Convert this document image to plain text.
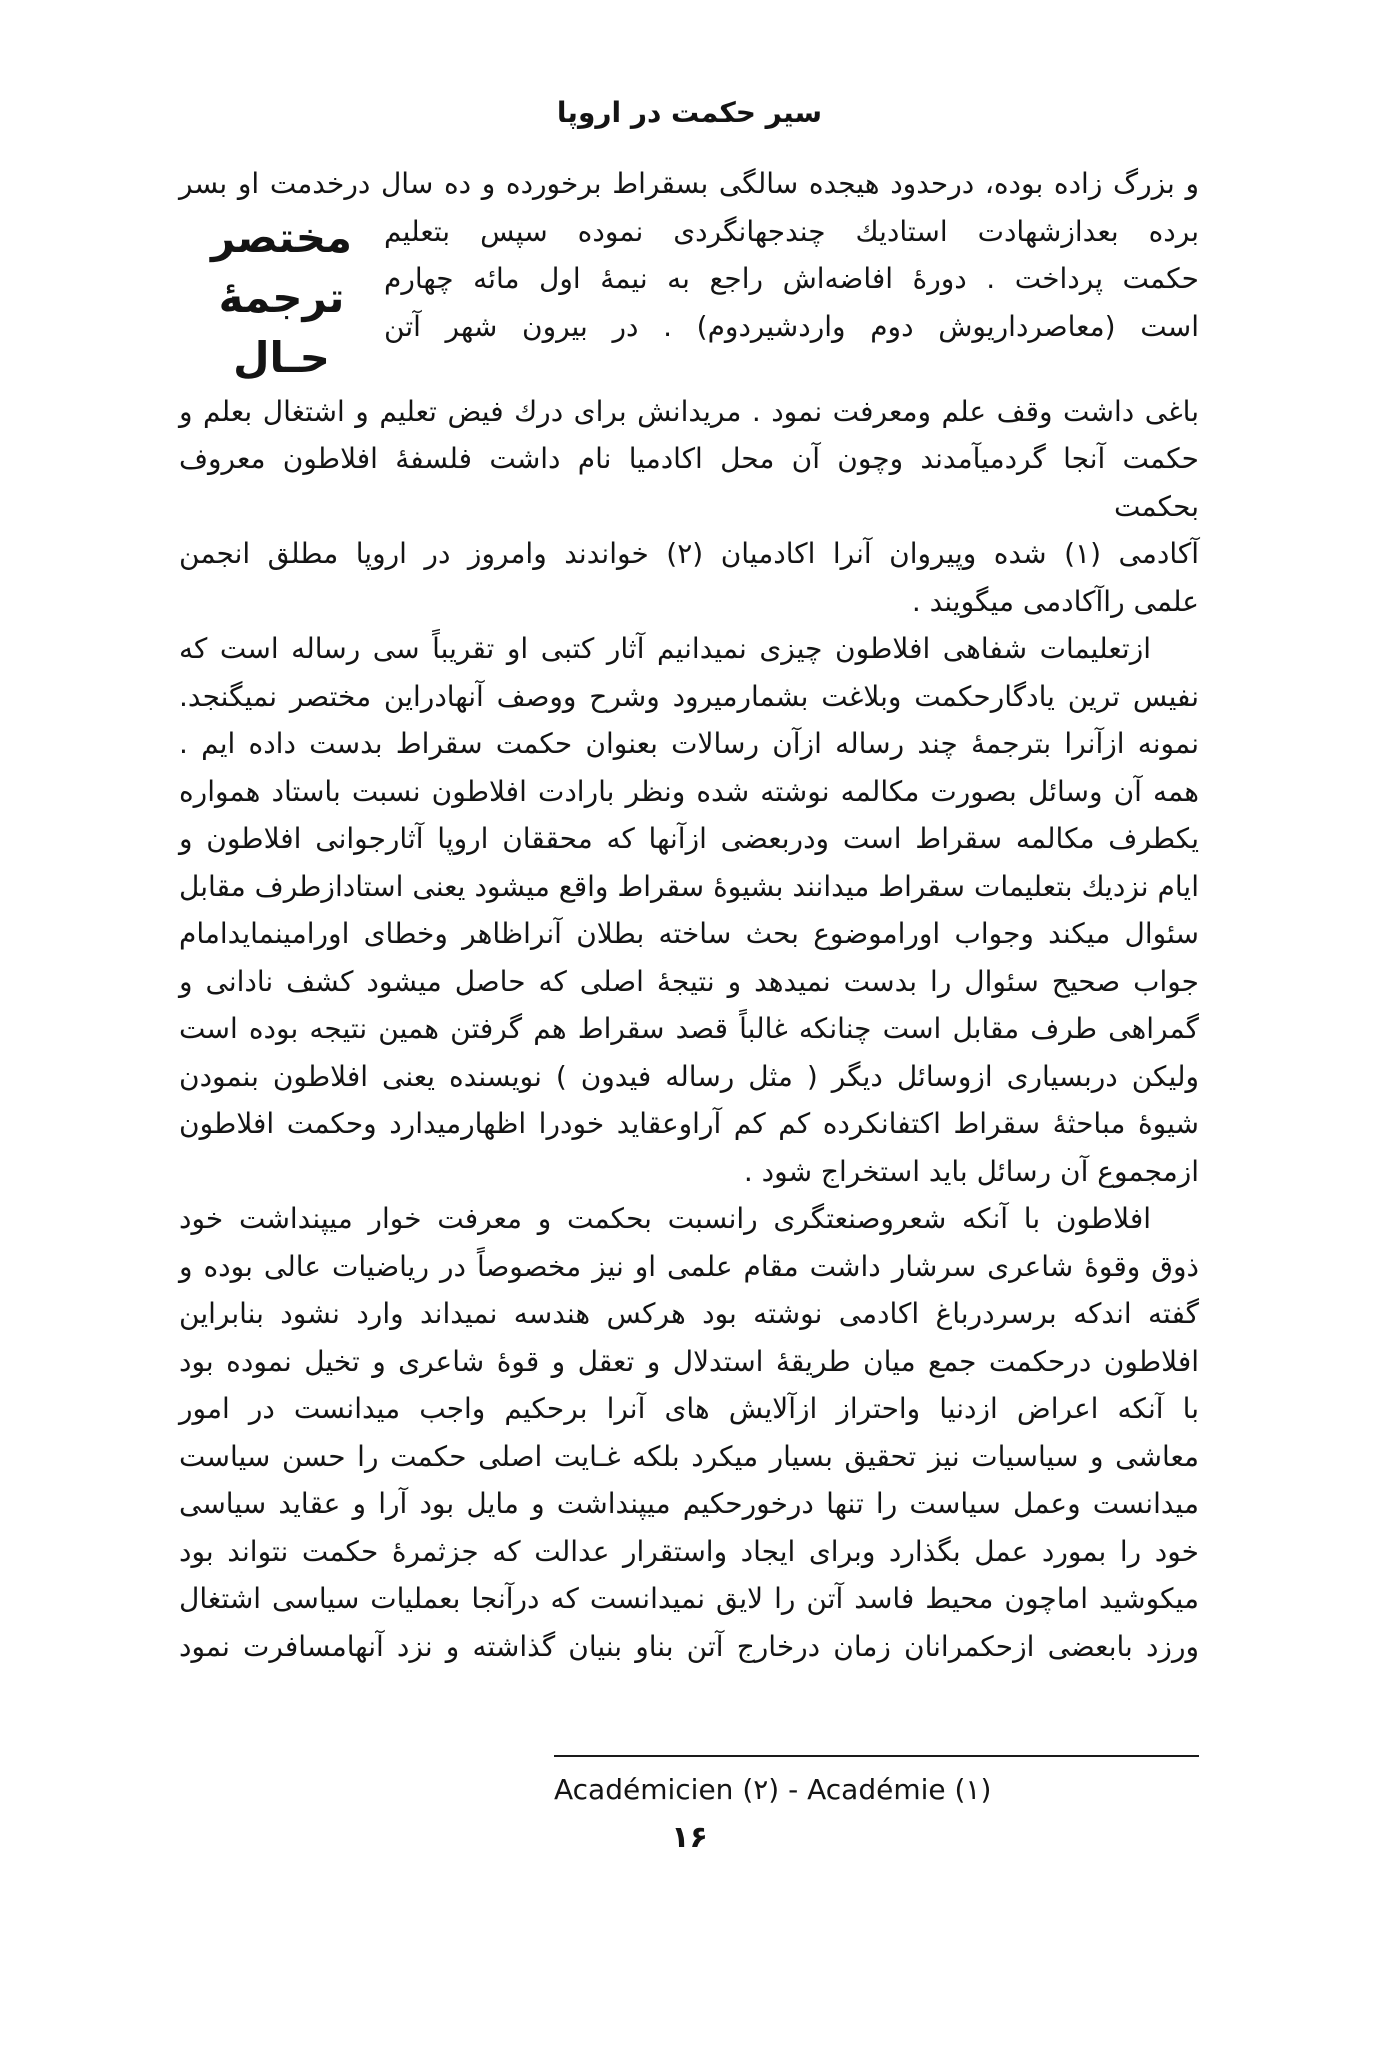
سیر حکمت در اروپا
و بزرگ زاده بوده، درحدود هیجده سالگی بسقراط برخورده و ده سال درخدمت او بسر
برده بعدازشهادت استادیك چندجهانگردی نموده سپس بتعلیم
حکمت پرداخت . دورهٔ افاضه‌اش راجع به نیمهٔ اول مائه چهارم
است (معاصرداریوش دوم واردشیردوم) . در بیرون شهر آتن
مختصر ترجمهٔ
حـال

باغی داشت وقف علم ومعرفت نمود . مریدانش برای درك فیض تعلیم و اشتغال بعلم و
حکمت آنجا گردمیآمدند وچون آن محل اکادمیا نام داشت فلسفهٔ افلاطون معروف بحکمت
آکادمی (۱) شده وپیروان آنرا اکادمیان (۲) خواندند وامروز در اروپا مطلق انجمن
علمی راآکادمی میگویند .

ازتعلیمات شفاهی افلاطون چیزی نمیدانیم آثار کتبی او تقریباً سی رساله است که
نفیس ترین یادگارحکمت وبلاغت بشمارمیرود وشرح ووصف آنهادراین مختصر نمیگنجد.
نمونه ازآنرا بترجمهٔ چند رساله ازآن رسالات بعنوان حکمت سقراط بدست داده ایم .
همه آن وسائل بصورت مکالمه نوشته شده ونظر بارادت افلاطون نسبت باستاد همواره
یکطرف مکالمه سقراط است ودربعضی ازآنها که محققان اروپا آثارجوانی افلاطون و
ایام نزدیك بتعلیمات سقراط میدانند بشیوهٔ سقراط واقع میشود یعنی استادازطرف مقابل
سئوال میکند وجواب اوراموضوع بحث ساخته بطلان آنراظاهر وخطای اورامینمایدامام
جواب صحیح سئوال را بدست نمیدهد و نتیجهٔ اصلی که حاصل میشود کشف نادانی و
گمراهی طرف مقابل است چنانکه غالباً قصد سقراط هم گرفتن همین نتیجه بوده است
ولیکن دربسیاری ازوسائل دیگر ( مثل رساله فیدون ) نویسنده یعنی افلاطون بنمودن
شیوهٔ مباحثهٔ سقراط اکتفانکرده کم کم آراوعقاید خودرا اظهارمیدارد وحکمت افلاطون
ازمجموع آن رسائل باید استخراج شود .

افلاطون با آنکه شعروصنعتگری رانسبت بحکمت و معرفت خوار میپنداشت خود
ذوق وقوهٔ شاعری سرشار داشت مقام علمی او نیز مخصوصاً در ریاضیات عالی بوده و
گفته اندکه برسردرباغ اکادمی نوشته بود هرکس هندسه نمیداند وارد نشود بنابراین
افلاطون درحکمت جمع میان طریقهٔ استدلال و تعقل و قوهٔ شاعری و تخیل نموده بود
با آنکه اعراض ازدنیا واحتراز ازآلایش های آنرا برحکیم واجب میدانست در امور
معاشی و سیاسیات نیز تحقیق بسیار میکرد بلکه غـایت اصلی حکمت را حسن سیاست
میدانست وعمل سیاست را تنها درخورحکیم میپنداشت و مایل بود آرا و عقاید سیاسی
خود را بمورد عمل بگذارد وبرای ایجاد واستقرار عدالت که جزثمرهٔ حکمت نتواند بود
میکوشید اماچون محیط فاسد آتن را لایق نمیدانست که درآنجا بعملیات سیاسی اشتغال
ورزد بابعضی ازحکمرانان زمان درخارج آتن بناو بنیان گذاشته و نزد آنهامسافرت نمود

Académicien (۲) - Académie (۱)
۱۶
